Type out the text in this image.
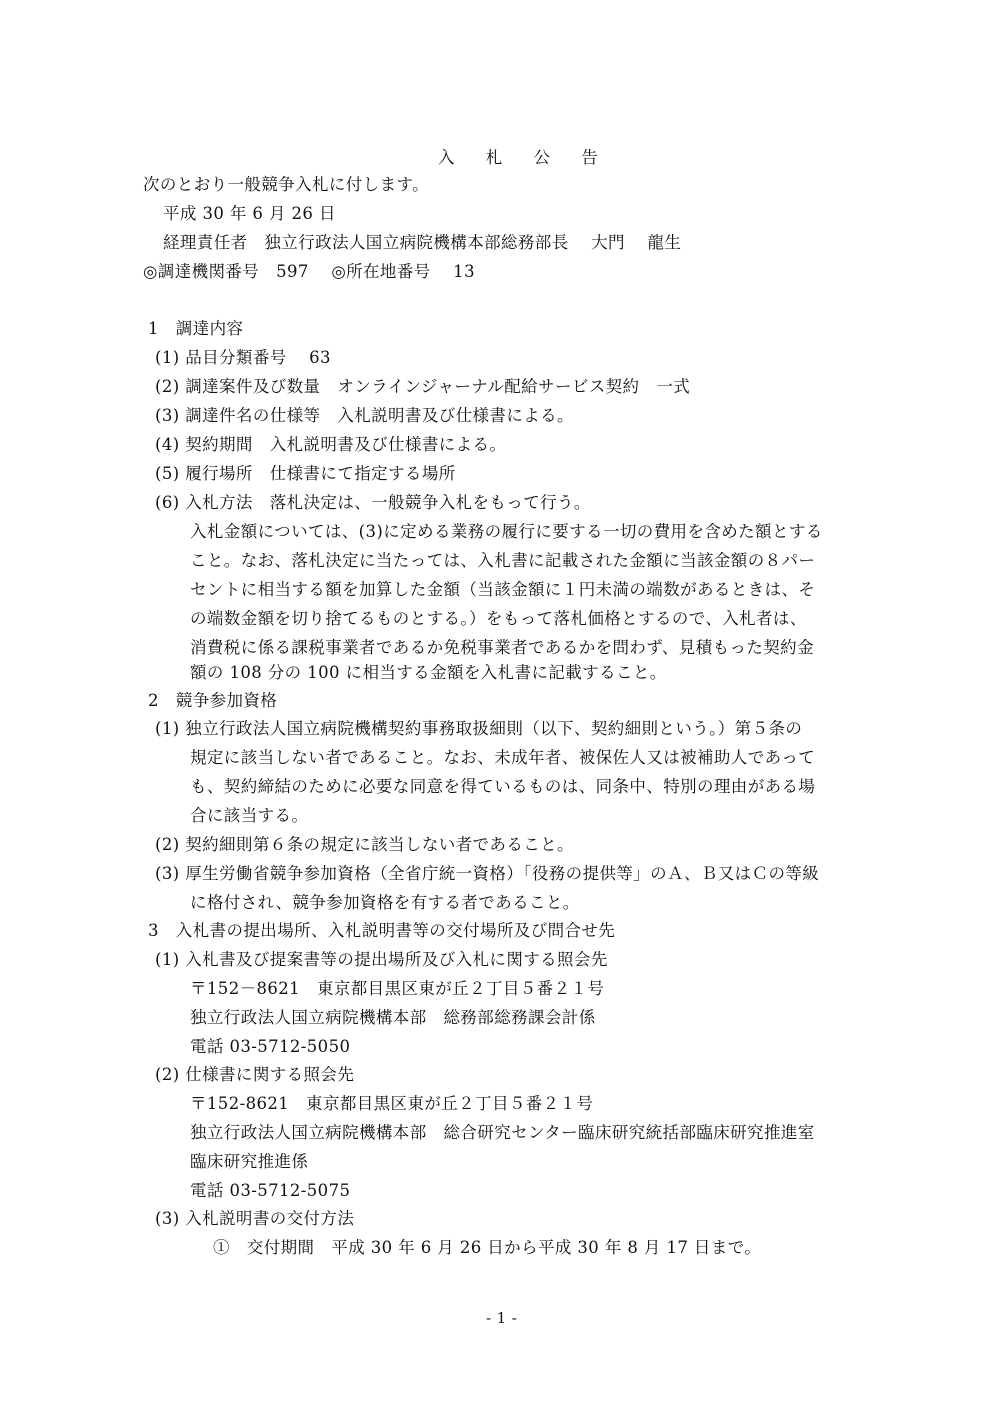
入 札 公 告
次のとおり一般競争入札に付します。
平成 30 年 6 月 26 日
経理責任者　独立行政法人国立病院機構本部総務部長　 大門 　龍生
◎調達機関番号　597 　◎所在地番号 　13
1　調達内容
(1) 品目分類番号 　63
(2) 調達案件及び数量　オンラインジャーナル配給サービス契約　一式
(3) 調達件名の仕様等　入札説明書及び仕様書による。
(4) 契約期間　入札説明書及び仕様書による。
(5) 履行場所　仕様書にて指定する場所
(6) 入札方法　落札決定は、一般競争入札をもって行う。
入札金額については、(3)に定める業務の履行に要する一切の費用を含めた額とする
こと。なお、落札決定に当たっては、入札書に記載された金額に当該金額の８パー
セントに相当する額を加算した金額（当該金額に１円未満の端数があるときは、そ
の端数金額を切り捨てるものとする。）をもって落札価格とするので、入札者は、
消費税に係る課税事業者であるか免税事業者であるかを問わず、見積もった契約金
額の 108 分の 100 に相当する金額を入札書に記載すること。
2　競争参加資格
(1) 独立行政法人国立病院機構契約事務取扱細則（以下、契約細則という。）第５条の
規定に該当しない者であること。なお、未成年者、被保佐人又は被補助人であって
も、契約締結のために必要な同意を得ているものは、同条中、特別の理由がある場
合に該当する。
(2) 契約細則第６条の規定に該当しない者であること。
(3) 厚生労働省競争参加資格（全省庁統一資格）「役務の提供等」のＡ、Ｂ又はＣの等級
に格付され、競争参加資格を有する者であること。
3　入札書の提出場所、入札説明書等の交付場所及び問合せ先
(1) 入札書及び提案書等の提出場所及び入札に関する照会先
〒152－8621　東京都目黒区東が丘２丁目５番２１号
独立行政法人国立病院機構本部　総務部総務課会計係
電話 03-5712-5050
(2) 仕様書に関する照会先
〒152-8621　東京都目黒区東が丘２丁目５番２１号
独立行政法人国立病院機構本部　総合研究センター臨床研究統括部臨床研究推進室
臨床研究推進係
電話 03-5712-5075
(3) 入札説明書の交付方法
①　交付期間　平成 30 年 6 月 26 日から平成 30 年 8 月 17 日まで。
- 1 -
